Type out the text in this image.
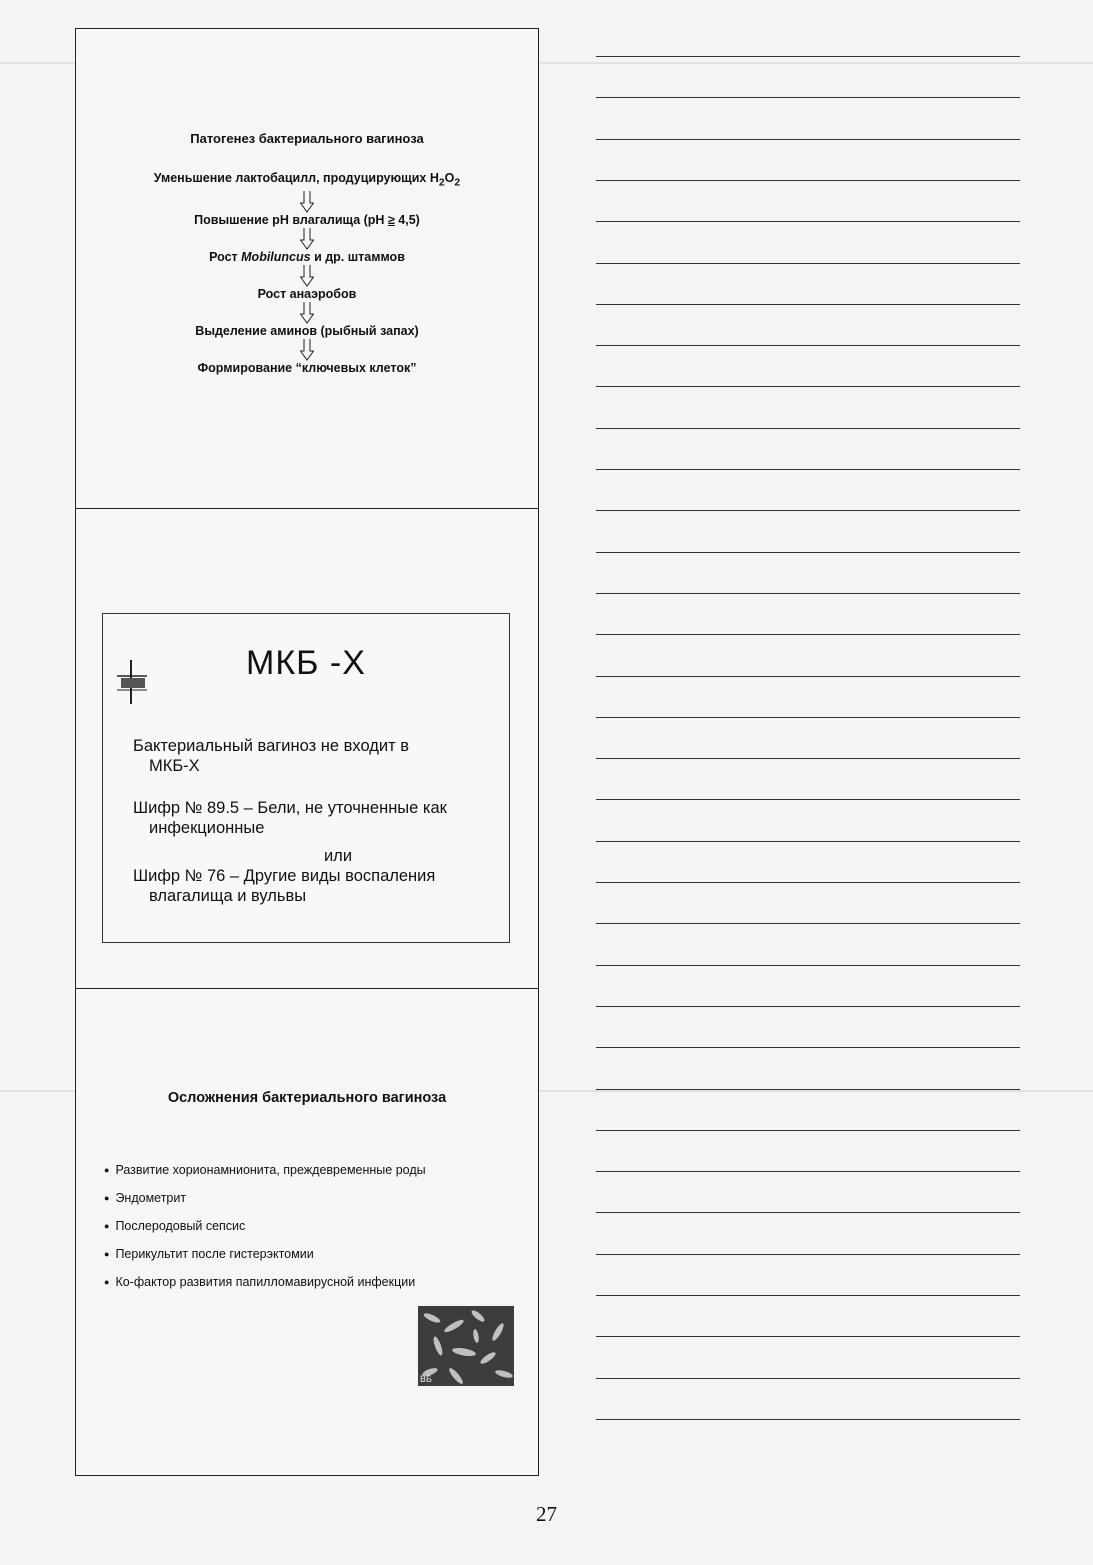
Патогенез бактериального вагиноза
Уменьшение лактобацилл, продуцирующих $H_2O_2$
Повышение pH влагалища (pH ≥ 4,5)
Рост Mobiluncus и др. штаммов
Рост анаэробов
Выделение аминов (рыбный запах)
Формирование “ключевых клеток”
МКБ -X
Бактериальный вагиноз не входит в
МКБ-X
Шифр № 89.5 – Бели, не уточненные как
инфекционные
или
Шифр № 76 – Другие виды воспаления
влагалища и вульвы
Осложнения бактериального вагиноза
● Развитие хорионамнионита, преждевременные роды
● Эндометрит
● Послеродовый сепсис
● Перикультит после гистерэктомии
● Ко-фактор развития папилломавирусной инфекции
ВБ
27
